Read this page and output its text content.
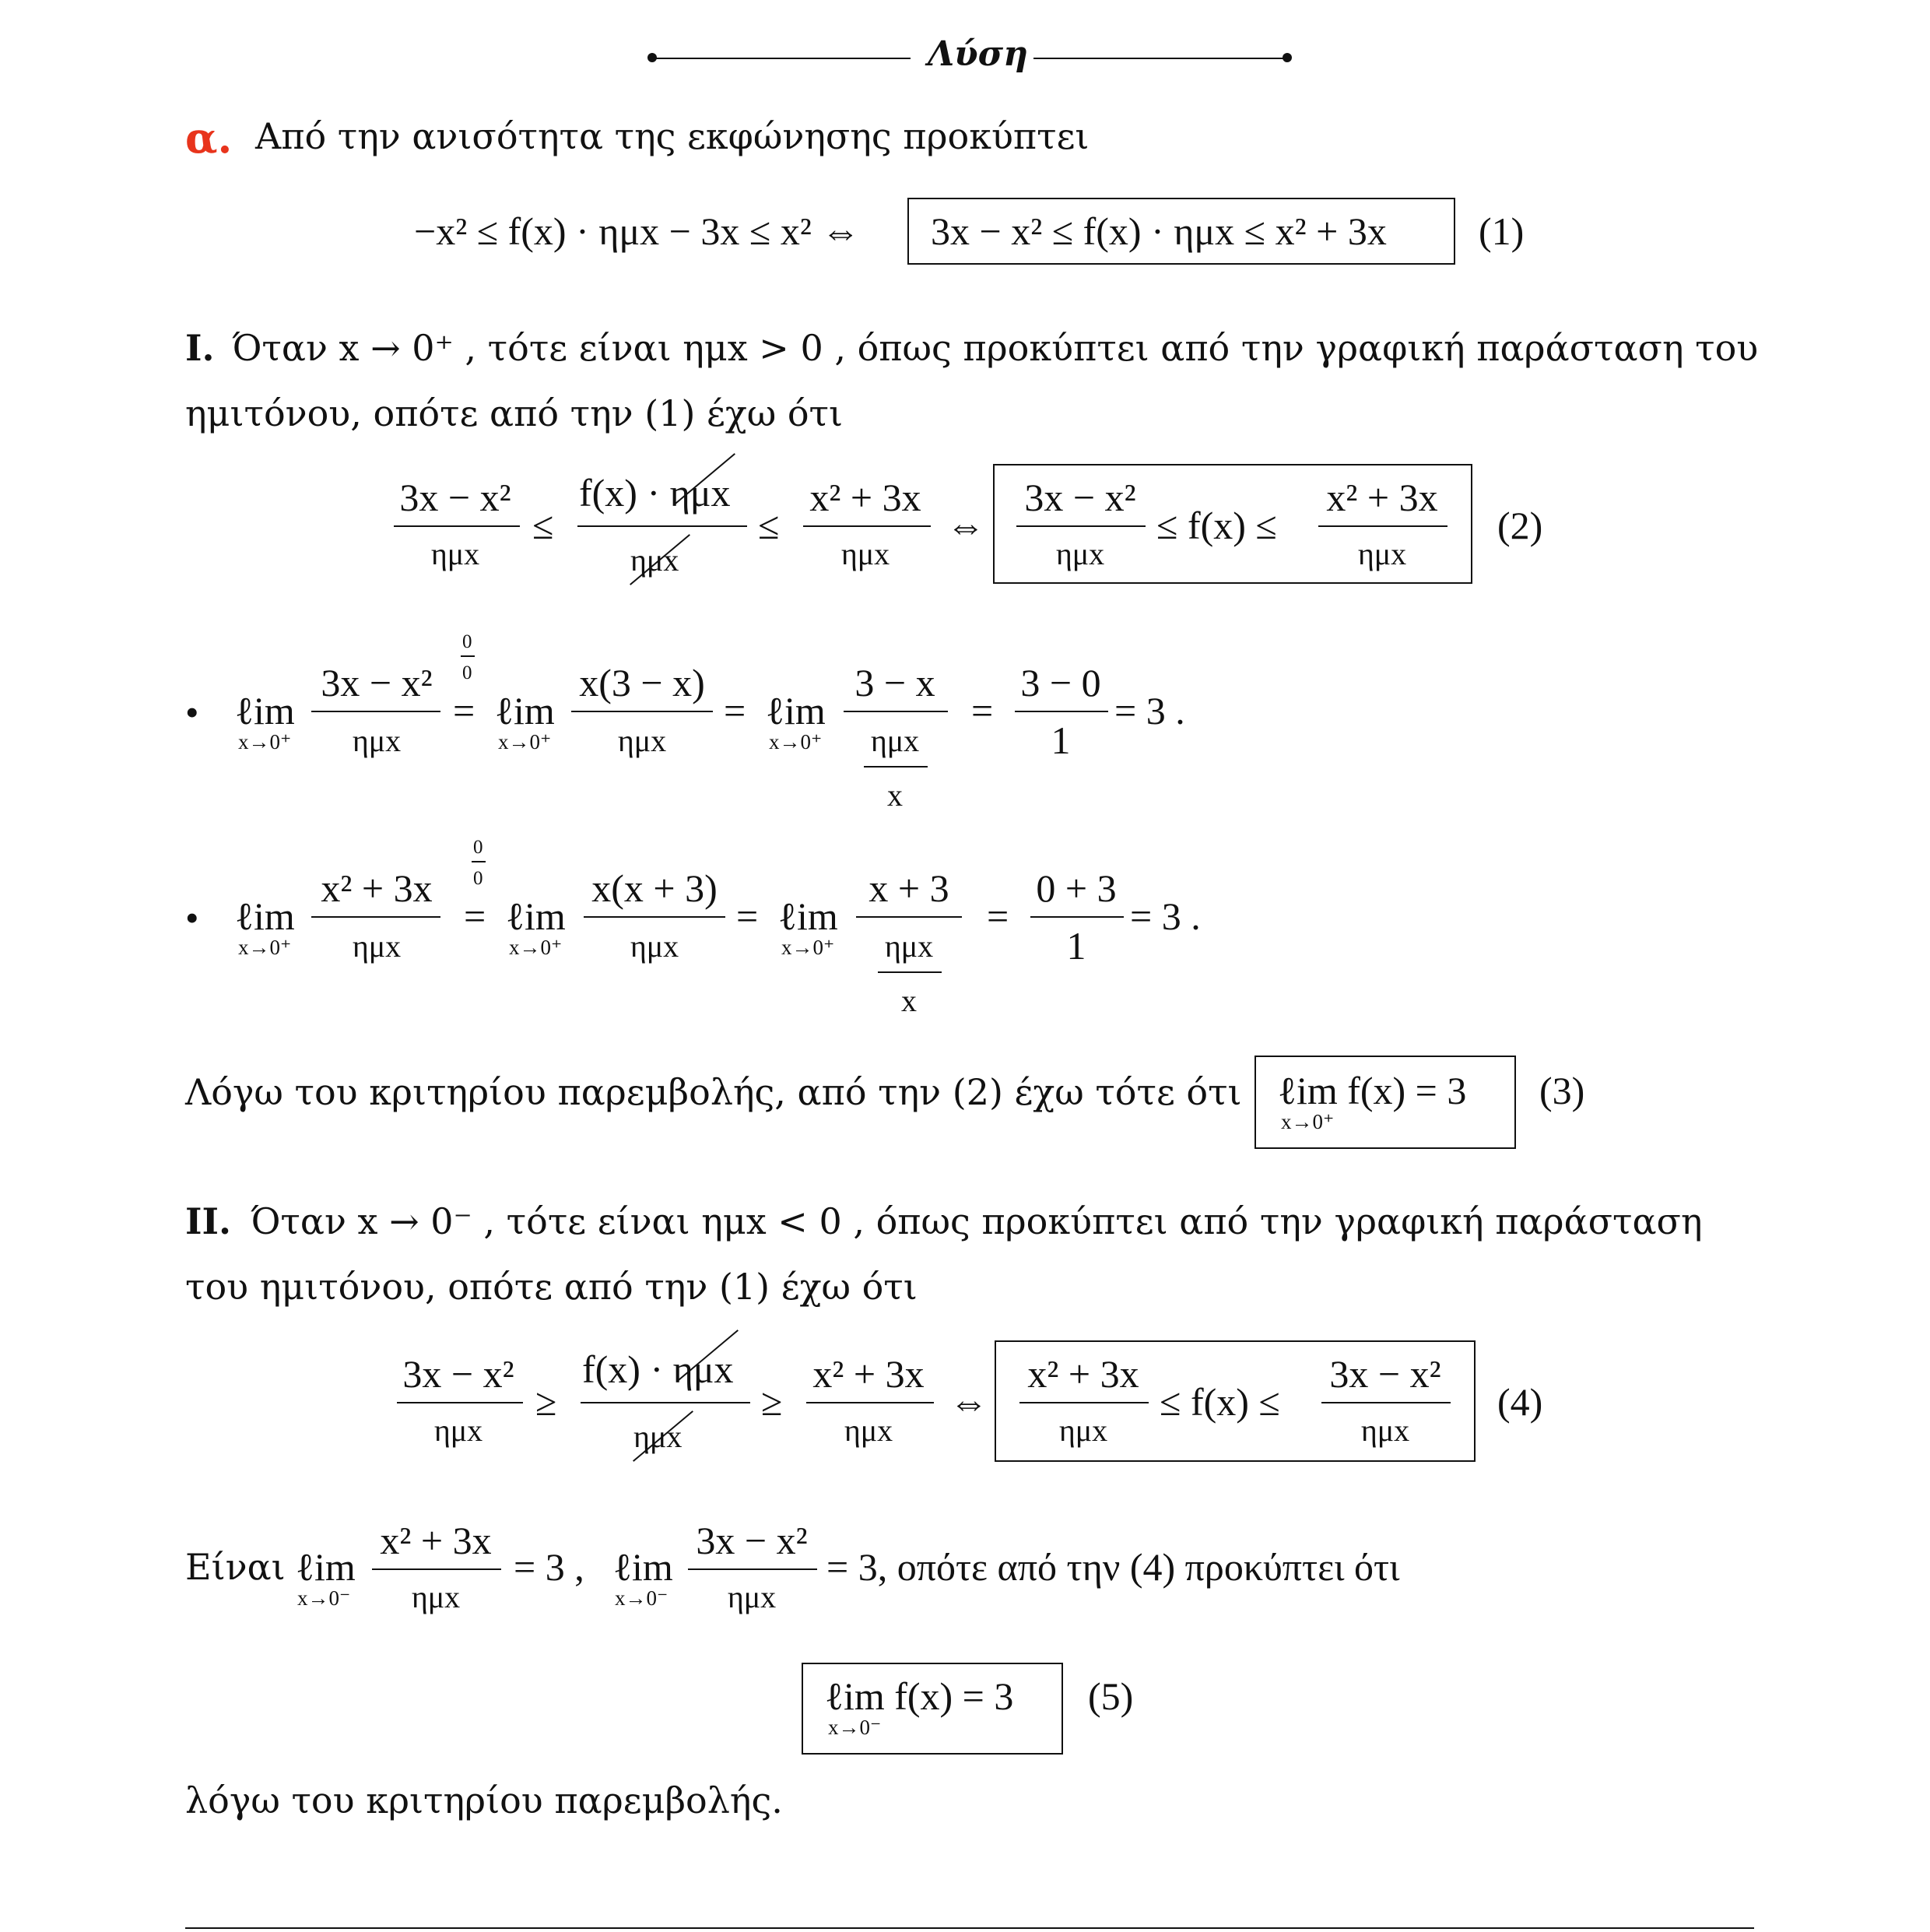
Λύση
α. Από την ανισότητα της εκφώνησης προκύπτει
−x² ≤ f(x) · ημx − 3x ≤ x² ⇔ 3x − x² ≤ f(x) · ημx ≤ x² + 3x (1)
I. Όταν x → 0⁺ , τότε είναι ημx > 0 , όπως προκύπτει από την γραφική παράσταση του
ημιτόνου, οπότε από την (1) έχω ότι
3x − x²
ημx
≤
f(x) · ημx
ημx
≤
x² + 3x
ημx
⇔
3x − x²
ημx
≤ f(x) ≤
x² + 3x
ημx
(2)
• ℓim
x→0⁺
3x − x²
ημx
0
0
= ℓim
x→0⁺
x(3 − x)
ημx
= ℓim
x→0⁺
3 − x
ημx
x
=
3 − 0
1
= 3 .
• ℓim
x→0⁺
x² + 3x
ημx
0
0
= ℓim
x→0⁺
x(x + 3)
ημx
= ℓim
x→0⁺
x + 3
ημx
x
=
0 + 3
1
= 3 .
Λόγω του κριτηρίου παρεμβολής, από την (2) έχω τότε ότι ℓim f(x) = 3
x→0⁺
(3)
II. Όταν x → 0⁻ , τότε είναι ημx < 0 , όπως προκύπτει από την γραφική παράσταση
του ημιτόνου, οπότε από την (1) έχω ότι
3x − x²
ημx
≥
f(x) · ημx
ημx
≥
x² + 3x
ημx
⇔
x² + 3x
ημx
≤ f(x) ≤
3x − x²
ημx
(4)
Είναι ℓim
x→0⁻
x² + 3x
ημx
= 3 , ℓim
x→0⁻
3x − x²
ημx
= 3, οπότε από την (4) προκύπτει ότι
ℓim f(x) = 3
x→0⁻
(5)
λόγω του κριτηρίου παρεμβολής.
